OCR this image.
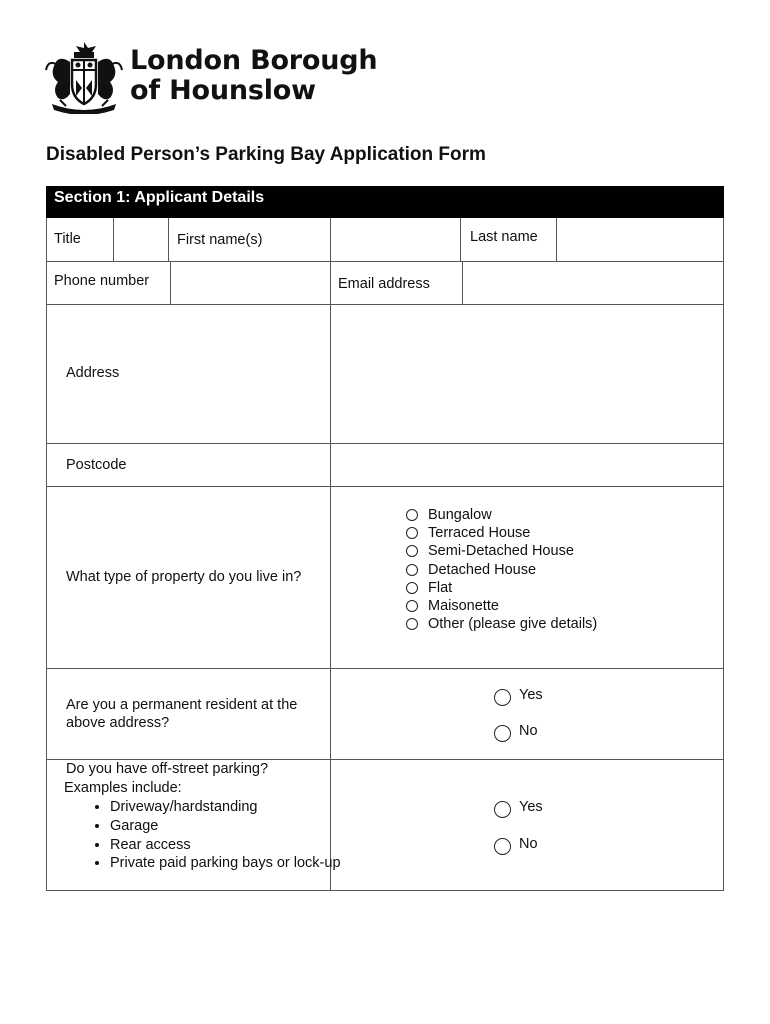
London Borough
of Hounslow
Disabled Person’s Parking Bay Application Form
Section 1: Applicant Details
Title	First name(s)	Last name
Phone number	Email address
Address
Postcode
What type of property do you live in?
Bungalow
Terraced House
Semi-Detached House
Detached House
Flat
Maisonette
Other (please give details)
Are you a permanent resident at the
above address?
Yes
No
Do you have off-street parking?
Examples include:
• Driveway/hardstanding
• Garage
• Rear access
• Private paid parking bays or lock-up
Yes
No
